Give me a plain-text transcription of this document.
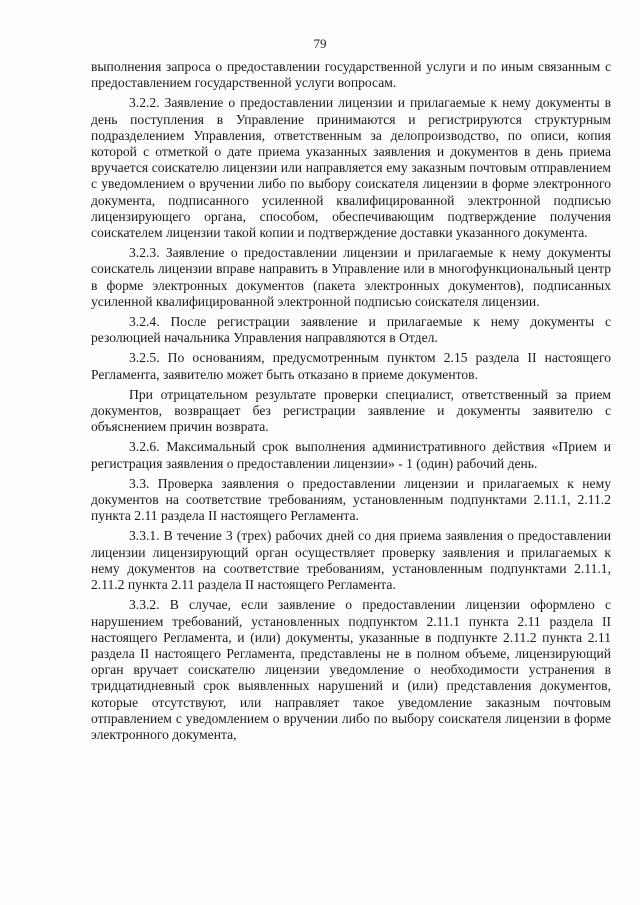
79

выполнения запроса о предоставлении государственной услуги и по иным связанным с предоставлением государственной услуги вопросам.

3.2.2. Заявление о предоставлении лицензии и прилагаемые к нему документы в день поступления в Управление принимаются и регистрируются структурным подразделением Управления, ответственным за делопроизводство, по описи, копия которой с отметкой о дате приема указанных заявления и документов в день приема вручается соискателю лицензии или направляется ему заказным почтовым отправлением с уведомлением о вручении либо по выбору соискателя лицензии в форме электронного документа, подписанного усиленной квалифицированной электронной подписью лицензирующего органа, способом, обеспечивающим подтверждение получения соискателем лицензии такой копии и подтверждение доставки указанного документа.

3.2.3. Заявление о предоставлении лицензии и прилагаемые к нему документы соискатель лицензии вправе направить в Управление или в многофункциональный центр в форме электронных документов (пакета электронных документов), подписанных усиленной квалифицированной электронной подписью соискателя лицензии.

3.2.4. После регистрации заявление и прилагаемые к нему документы с резолюцией начальника Управления направляются в Отдел.

3.2.5. По основаниям, предусмотренным пунктом 2.15 раздела II настоящего Регламента, заявителю может быть отказано в приеме документов.

При отрицательном результате проверки специалист, ответственный за прием документов, возвращает без регистрации заявление и документы заявителю с объяснением причин возврата.

3.2.6. Максимальный срок выполнения административного действия «Прием и регистрация заявления о предоставлении лицензии» - 1 (один) рабочий день.

3.3. Проверка заявления о предоставлении лицензии и прилагаемых к нему документов на соответствие требованиям, установленным подпунктами 2.11.1, 2.11.2 пункта 2.11 раздела II настоящего Регламента.

3.3.1. В течение 3 (трех) рабочих дней со дня приема заявления о предоставлении лицензии лицензирующий орган осуществляет проверку заявления и прилагаемых к нему документов на соответствие требованиям, установленным подпунктами 2.11.1, 2.11.2 пункта 2.11 раздела II настоящего Регламента.

3.3.2. В случае, если заявление о предоставлении лицензии оформлено с нарушением требований, установленных подпунктом 2.11.1 пункта 2.11 раздела II настоящего Регламента, и (или) документы, указанные в подпункте 2.11.2 пункта 2.11 раздела II настоящего Регламента, представлены не в полном объеме, лицензирующий орган вручает соискателю лицензии уведомление о необходимости устранения в тридцатидневный срок выявленных нарушений и (или) представления документов, которые отсутствуют, или направляет такое уведомление заказным почтовым отправлением с уведомлением о вручении либо по выбору соискателя лицензии в форме электронного документа,
